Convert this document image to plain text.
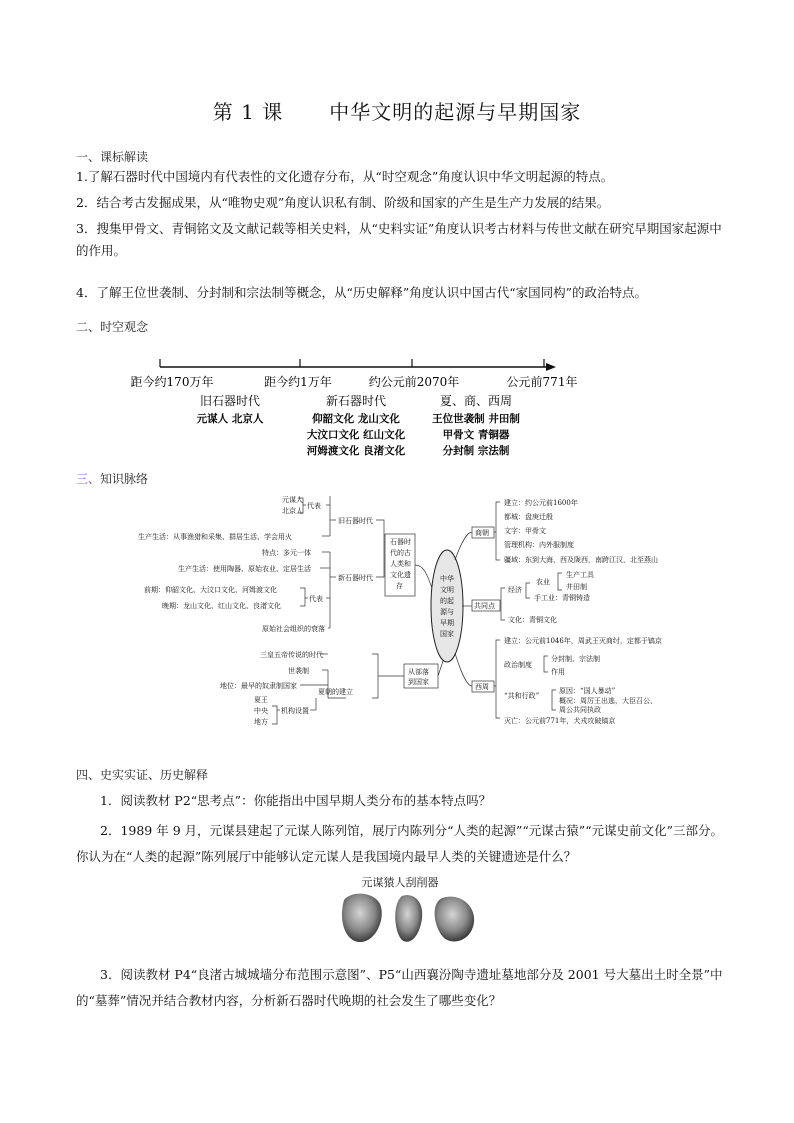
第 1 课 中华文明的起源与早期国家
一、课标解读
1.了解石器时代中国境内有代表性的文化遗存分布，从“时空观念”角度认识中华文明起源的特点。
2．结合考古发掘成果，从“唯物史观”角度认识私有制、阶级和国家的产生是生产力发展的结果。
3．搜集甲骨文、青铜铭文及文献记载等相关史料，从“史料实证”角度认识考古材料与传世文献在研究早期国家起源中的作用。
4．了解王位世袭制、分封制和宗法制等概念，从“历史解释”角度认识中国古代“家国同构”的政治特点。
二、时空观念
距今约170万年	距今约1万年	约公元前2070年	公元前771年
旧石器时代	新石器时代	夏、商、西周
元谋人 北京人	仰韶文化 龙山文化
大汶口文化 红山文化
河姆渡文化 良渚文化
王位世袭制 井田制
甲骨文 青铜器
分封制 宗法制
三、知识脉络
元谋人
北京人
代表
旧石器时代
生产生活：从事渔猎和采集、群居生活、学会用火
特点：多元一体
生产生活：使用陶器、原始农业、定居生活
新石器时代
前期：仰韶文化、大汶口文化、河姆渡文化
晚期：龙山文化、红山文化、良渚文化
代表
原始社会组织的衰落
石器时
代的古
人类和
文化遗
存
中华
文明
的起
源与
早期
国家
三皇五帝传说的时代
从部落
到国家
世袭制
地位：最早的奴隶制国家
夏朝的建立
夏王
中央
地方
机构设置
商朝
建立：约公元前1600年
都城：盘庚迁殷
文字：甲骨文
管理机构：内外服制度
疆域：东到大海，西及陇西，南跨江汉，北至燕山
共同点
经济
农业
生产工具
井田制
手工业：青铜铸造
文化：青铜文化
西周
建立：公元前1046年，周武王灭商纣，定都于镐京
政治制度
分封制、宗法制
作用
“共和行政”
原因：“国人暴动”
概况：周厉王出逃，大臣召公、
周公共同执政
灭亡：公元前771年，犬戎攻破镐京
四、史实实证、历史解释
1．阅读教材 P2“思考点”：你能指出中国早期人类分布的基本特点吗？
2．1989 年 9 月，元谋县建起了元谋人陈列馆，展厅内陈列分“人类的起源”“元谋古猿”“元谋史前文化”三部分。你认为在“人类的起源”陈列展厅中能够认定元谋人是我国境内最早人类的关键遗迹是什么？
元谋猿人刮削器
3．阅读教材 P4“良渚古城城墙分布范围示意图”、P5“山西襄汾陶寺遗址墓地部分及 2001 号大墓出土时全景”中的“墓葬”情况并结合教材内容，分析新石器时代晚期的社会发生了哪些变化？
